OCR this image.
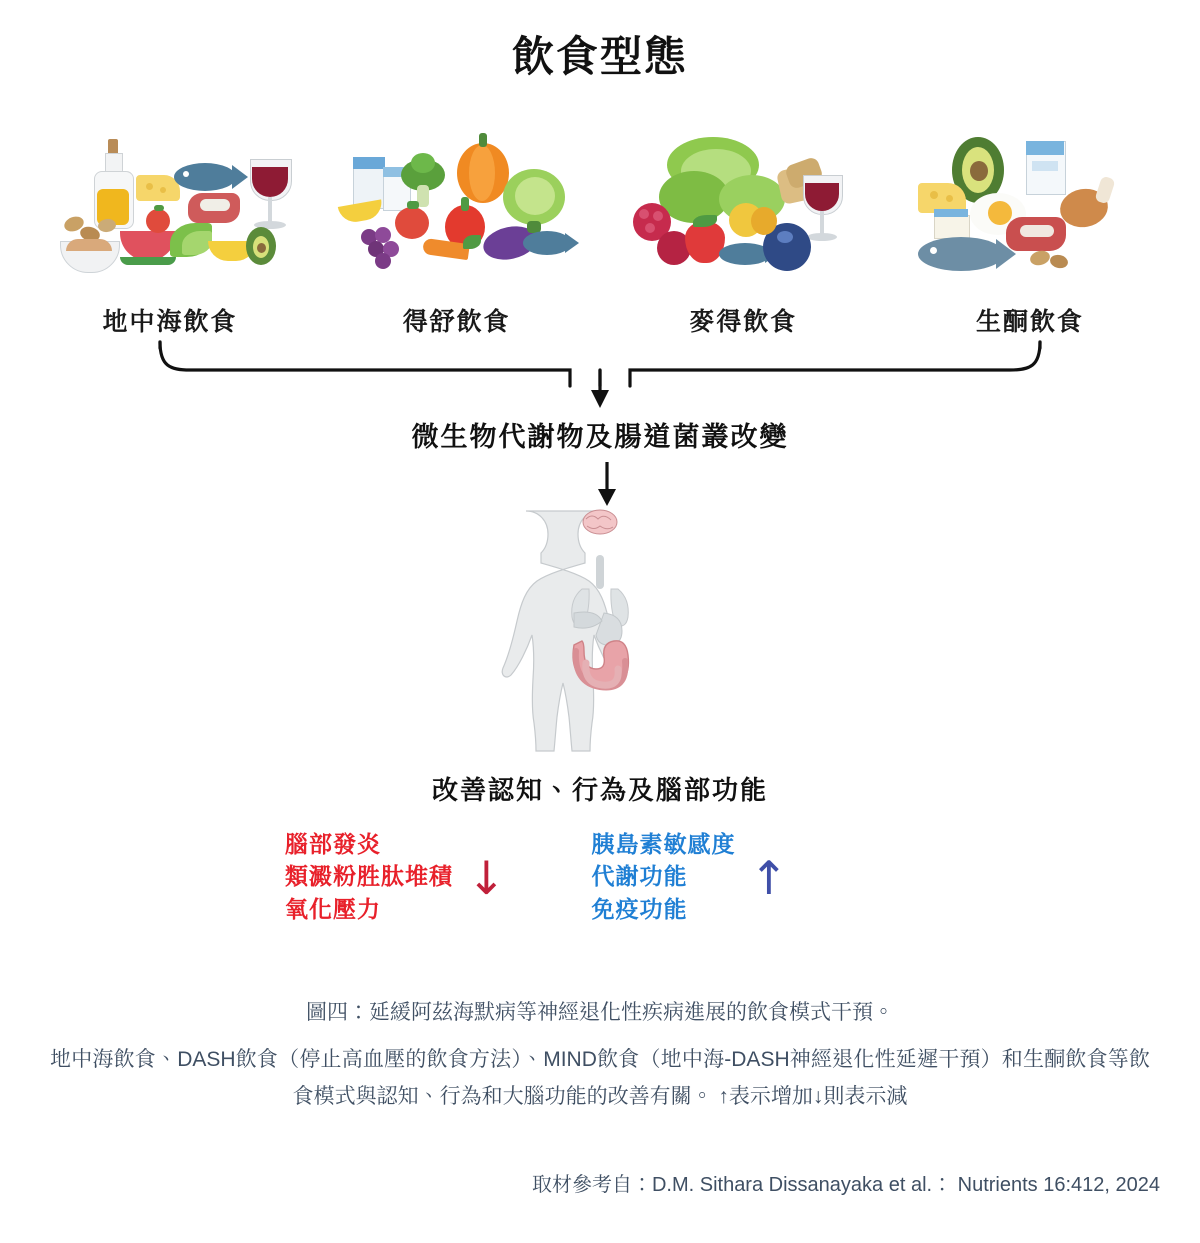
飲食型態
地中海飲食	得舒飲食	麥得飲食	生酮飲食
微生物代謝物及腸道菌叢改變
改善認知、行為及腦部功能
腦部發炎
類澱粉胜肽堆積
氧化壓力
↓
胰島素敏感度
代謝功能
免疫功能
↑
圖四：延緩阿茲海默病等神經退化性疾病進展的飲食模式干預。
地中海飲食、DASH飲食（停止高血壓的飲食方法）、MIND飲食（地中海-DASH神經退化性延遲干預）和生酮飲食等飲食模式與認知、行為和大腦功能的改善有關。 ↑表示增加↓則表示減
取材參考自：D.M. Sithara Dissanayaka et al.： Nutrients 16:412, 2024
